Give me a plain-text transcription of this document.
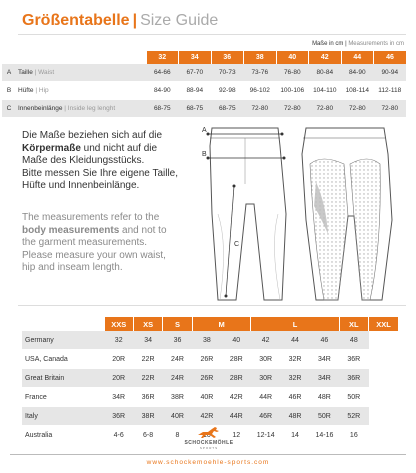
Größentabelle | Size Guide
Maße in cm | Measurements in cm
		32	34	36	38	40	42	44	46
A	Taille | Waist	64-66	67-70	70-73	73-76	76-80	80-84	84-90	90-94
B	Hüfte | Hip	84-90	88-94	92-98	96-102	100-106	104-110	108-114	112-118
C	Innenbeinlänge | Inside leg lenght	68-75	68-75	68-75	72-80	72-80	72-80	72-80	72-80
Die Maße beziehen sich auf die
Körpermaße und nicht auf die
Maße des Kleidungsstücks.
Bitte messen Sie Ihre eigene Taille,
Hüfte und Innenbeinlänge.
The measurements refer to the
body measurements and not to
the garment measurements.
Please measure your own waist,
hip and inseam length.
A
B
C
	XXS	XS	S	M		L			XL	XXL
Germany	32	34	36	38	40	42	44	46	48	
USA, Canada	20R	22R	24R	26R	28R	30R	32R	34R	36R	
Great Britain	20R	22R	24R	26R	28R	30R	32R	34R	36R	
France	34R	36R	38R	40R	42R	44R	46R	48R	50R	
Italy	36R	38R	40R	42R	44R	46R	48R	50R	52R	
Australia	4-6	6-8	8		12	12-14	14	14-16	16	
SCHOCKEMÖHLE
SPORTS
www.schockemoehle-sports.com
